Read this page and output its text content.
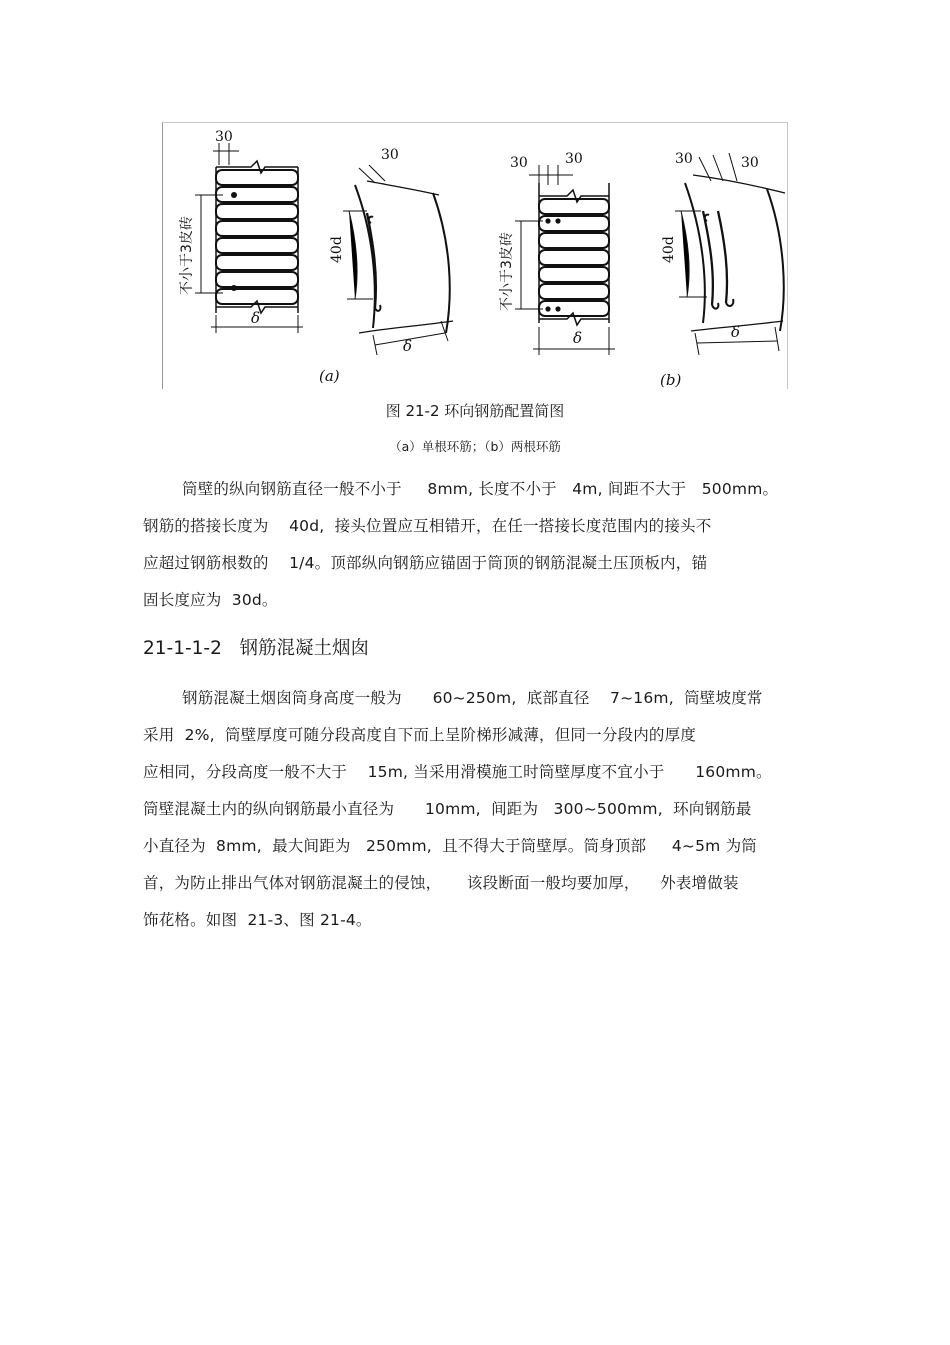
30
不小于3皮砖
δ
30
40d
δ
(a)
30	30
不小于3皮砖
δ
30	30
40d
δ
(b)
图 21-2 环向钢筋配置简图
（a）单根环筋；（b）两根环筋
筒壁的纵向钢筋直径一般不小于     8mm, 长度不小于   4m, 间距不大于   500mm。
钢筋的搭接长度为    40d,  接头位置应互相错开，在任一搭接长度范围内的接头不
应超过钢筋根数的    1/4。顶部纵向钢筋应锚固于筒顶的钢筋混凝土压顶板内，锚
固长度应为  30d。
21-1-1-2   钢筋混凝土烟囱
钢筋混凝土烟囱筒身高度一般为      60~250m,  底部直径    7~16m,  筒壁坡度常
采用  2%,  筒壁厚度可随分段高度自下而上呈阶梯形减薄，但同一分段内的厚度
应相同，分段高度一般不大于    15m, 当采用滑模施工时筒壁厚度不宜小于      160mm。
筒壁混凝土内的纵向钢筋最小直径为      10mm,  间距为   300~500mm,  环向钢筋最
小直径为  8mm,  最大间距为   250mm,  且不得大于筒壁厚。筒身顶部     4~5m 为筒
首，为防止排出气体对钢筋混凝土的侵蚀，     该段断面一般均要加厚，    外表增做装
饰花格。如图  21-3、图 21-4。
